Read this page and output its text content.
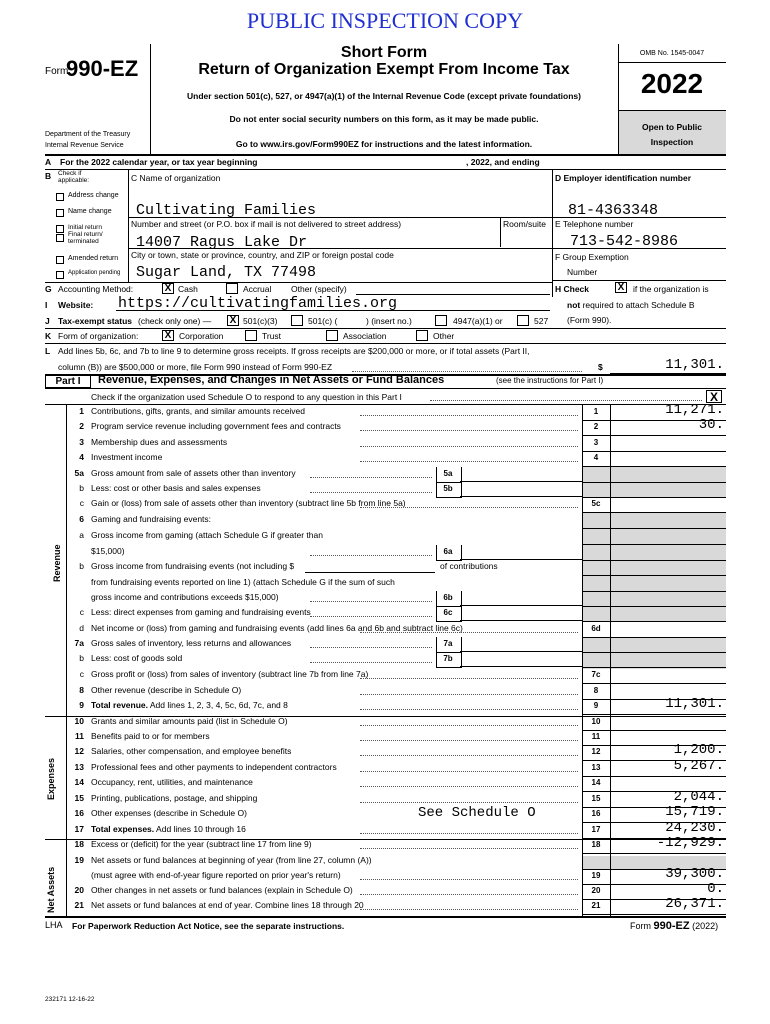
PUBLIC INSPECTION COPY
Form
990-EZ
Short Form
Return of Organization Exempt From Income Tax
Under section 501(c), 527, or 4947(a)(1) of the Internal Revenue Code (except private foundations)
Do not enter social security numbers on this form, as it may be made public.
Go to www.irs.gov/Form990EZ for instructions and the latest information.
Department of the Treasury
Internal Revenue Service
OMB No. 1545-0047
2022
Open to Public
Inspection
A For the 2022 calendar year, or tax year beginning	, 2022, and ending
B Check if
applicable:
Address change
Name change
Initial return
Final return/
terminated
Amended return
Application pending
C Name of organization
Cultivating Families
Number and street (or P.O. box if mail is not delivered to street address)	Room/suite
14007 Ragus Lake Dr
City or town, state or province, country, and ZIP or foreign postal code
Sugar Land, TX 77498
D Employer identification number
81-4363348
E Telephone number
713-542-8986
F Group Exemption
Number
H Check	X	if the organization is
not required to attach Schedule B
(Form 990).
G Accounting Method:	X Cash	Accrual Other (specify)
I Website: https://cultivatingfamilies.org
J Tax-exempt status (check only one) — X 501(c)(3)	501(c) (	) (insert no.)	4947(a)(1) or	527
K Form of organization:	X Corporation	Trust	Association	Other
L Add lines 5b, 6c, and 7b to line 9 to determine gross receipts. If gross receipts are $200,000 or more, or if total assets (Part II,
column (B)) are $500,000 or more, file Form 990 instead of Form 990-EZ	$	11,301.
Part I	Revenue, Expenses, and Changes in Net Assets or Fund Balances	(see the instructions for Part I)
Check if the organization used Schedule O to respond to any question in this Part I	X
Revenue
Expenses
Net Assets
1 Contributions, gifts, grants, and similar amounts received	1	11,271.
2 Program service revenue including government fees and contracts	2	30.
3 Membership dues and assessments	3
4 Investment income	4
5a Gross amount from sale of assets other than inventory	5a
b Less: cost or other basis and sales expenses	5b
c Gain or (loss) from sale of assets other than inventory (subtract line 5b from line 5a)	5c
6 Gaming and fundraising events:
a Gross income from gaming (attach Schedule G if greater than
$15,000)	6a
b Gross income from fundraising events (not including $	of contributions
from fundraising events reported on line 1) (attach Schedule G if the sum of such
gross income and contributions exceeds $15,000)	6b
c Less: direct expenses from gaming and fundraising events	6c
d Net income or (loss) from gaming and fundraising events (add lines 6a and 6b and subtract line 6c)	6d
7a Gross sales of inventory, less returns and allowances	7a
b Less: cost of goods sold	7b
c Gross profit or (loss) from sales of inventory (subtract line 7b from line 7a)	7c
8 Other revenue (describe in Schedule O)	8
9 Total revenue. Add lines 1, 2, 3, 4, 5c, 6d, 7c, and 8	9	11,301.
10 Grants and similar amounts paid (list in Schedule O)	10
11 Benefits paid to or for members	11
12 Salaries, other compensation, and employee benefits	12	1,200.
13 Professional fees and other payments to independent contractors	13	5,267.
14 Occupancy, rent, utilities, and maintenance	14
15 Printing, publications, postage, and shipping	15	2,044.
16 Other expenses (describe in Schedule O)	See Schedule O	16	15,719.
17 Total expenses. Add lines 10 through 16	17	24,230.
18 Excess or (deficit) for the year (subtract line 17 from line 9)	18	-12,929.
19 Net assets or fund balances at beginning of year (from line 27, column (A))
(must agree with end-of-year figure reported on prior year's return)	19	39,300.
20 Other changes in net assets or fund balances (explain in Schedule O)	20	0.
21 Net assets or fund balances at end of year. Combine lines 18 through 20	21	26,371.
LHA For Paperwork Reduction Act Notice, see the separate instructions.	Form 990-EZ (2022)
232171 12-16-22
